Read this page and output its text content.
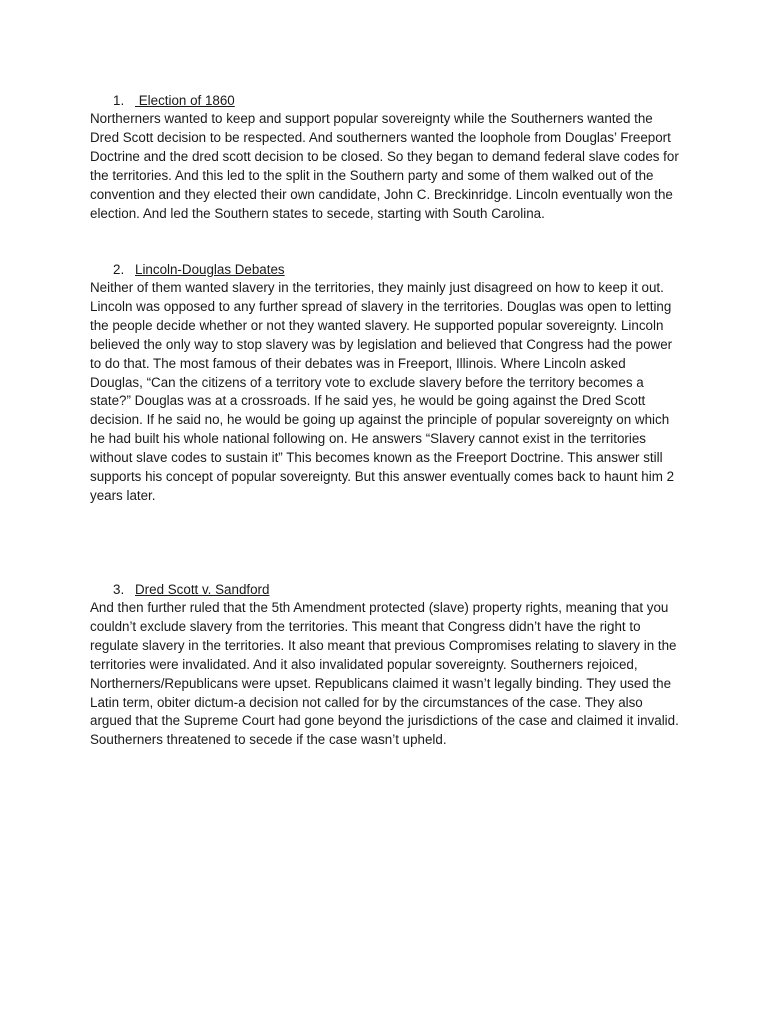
1. Election of 1860

Northerners wanted to keep and support popular sovereignty while the Southerners wanted the Dred Scott decision to be respected. And southerners wanted the loophole from Douglas’ Freeport Doctrine and the dred scott decision to be closed. So they began to demand federal slave codes for the territories. And this led to the split in the Southern party and some of them walked out of the convention and they elected their own candidate, John C. Breckinridge. Lincoln eventually won the election. And led the Southern states to secede, starting with South Carolina.

2. Lincoln-Douglas Debates

Neither of them wanted slavery in the territories, they mainly just disagreed on how to keep it out. Lincoln was opposed to any further spread of slavery in the territories. Douglas was open to letting the people decide whether or not they wanted slavery. He supported popular sovereignty. Lincoln believed the only way to stop slavery was by legislation and believed that Congress had the power to do that. The most famous of their debates was in Freeport, Illinois. Where Lincoln asked Douglas, “Can the citizens of a territory vote to exclude slavery before the territory becomes a state?” Douglas was at a crossroads. If he said yes, he would be going against the Dred Scott decision. If he said no, he would be going up against the principle of popular sovereignty on which he had built his whole national following on. He answers “Slavery cannot exist in the territories without slave codes to sustain it” This becomes known as the Freeport Doctrine. This answer still supports his concept of popular sovereignty. But this answer eventually comes back to haunt him 2 years later.

3. Dred Scott v. Sandford

And then further ruled that the 5th Amendment protected (slave) property rights, meaning that you couldn’t exclude slavery from the territories. This meant that Congress didn’t have the right to regulate slavery in the territories. It also meant that previous Compromises relating to slavery in the territories were invalidated. And it also invalidated popular sovereignty. Southerners rejoiced, Northerners/Republicans were upset. Republicans claimed it wasn’t legally binding. They used the Latin term, obiter dictum-a decision not called for by the circumstances of the case. They also argued that the Supreme Court had gone beyond the jurisdictions of the case and claimed it invalid. Southerners threatened to secede if the case wasn’t upheld.
